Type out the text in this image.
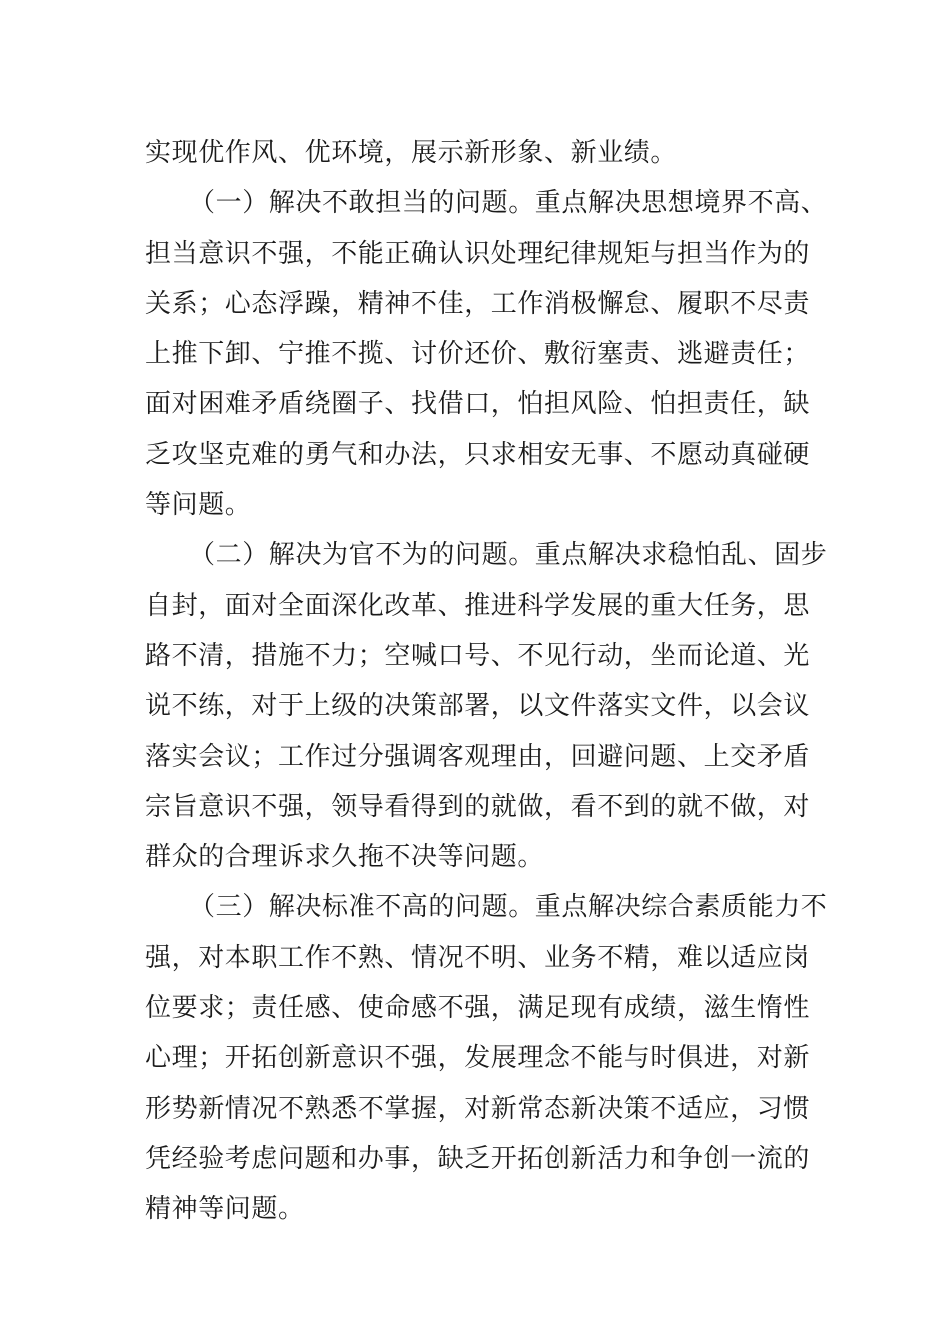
实现优作风、优环境，展示新形象、新业绩。
（一）解决不敢担当的问题。重点解决思想境界不高、
担当意识不强，不能正确认识处理纪律规矩与担当作为的
关系；心态浮躁，精神不佳，工作消极懈怠、履职不尽责
上推下卸、宁推不揽、讨价还价、敷衍塞责、逃避责任；
面对困难矛盾绕圈子、找借口，怕担风险、怕担责任，缺
乏攻坚克难的勇气和办法，只求相安无事、不愿动真碰硬
等问题。
（二）解决为官不为的问题。重点解决求稳怕乱、固步
自封，面对全面深化改革、推进科学发展的重大任务，思
路不清，措施不力；空喊口号、不见行动，坐而论道、光
说不练，对于上级的决策部署，以文件落实文件，以会议
落实会议；工作过分强调客观理由，回避问题、上交矛盾
宗旨意识不强，领导看得到的就做，看不到的就不做，对
群众的合理诉求久拖不决等问题。
（三）解决标准不高的问题。重点解决综合素质能力不
强，对本职工作不熟、情况不明、业务不精，难以适应岗
位要求；责任感、使命感不强，满足现有成绩，滋生惰性
心理；开拓创新意识不强，发展理念不能与时俱进，对新
形势新情况不熟悉不掌握，对新常态新决策不适应，习惯
凭经验考虑问题和办事，缺乏开拓创新活力和争创一流的
精神等问题。
